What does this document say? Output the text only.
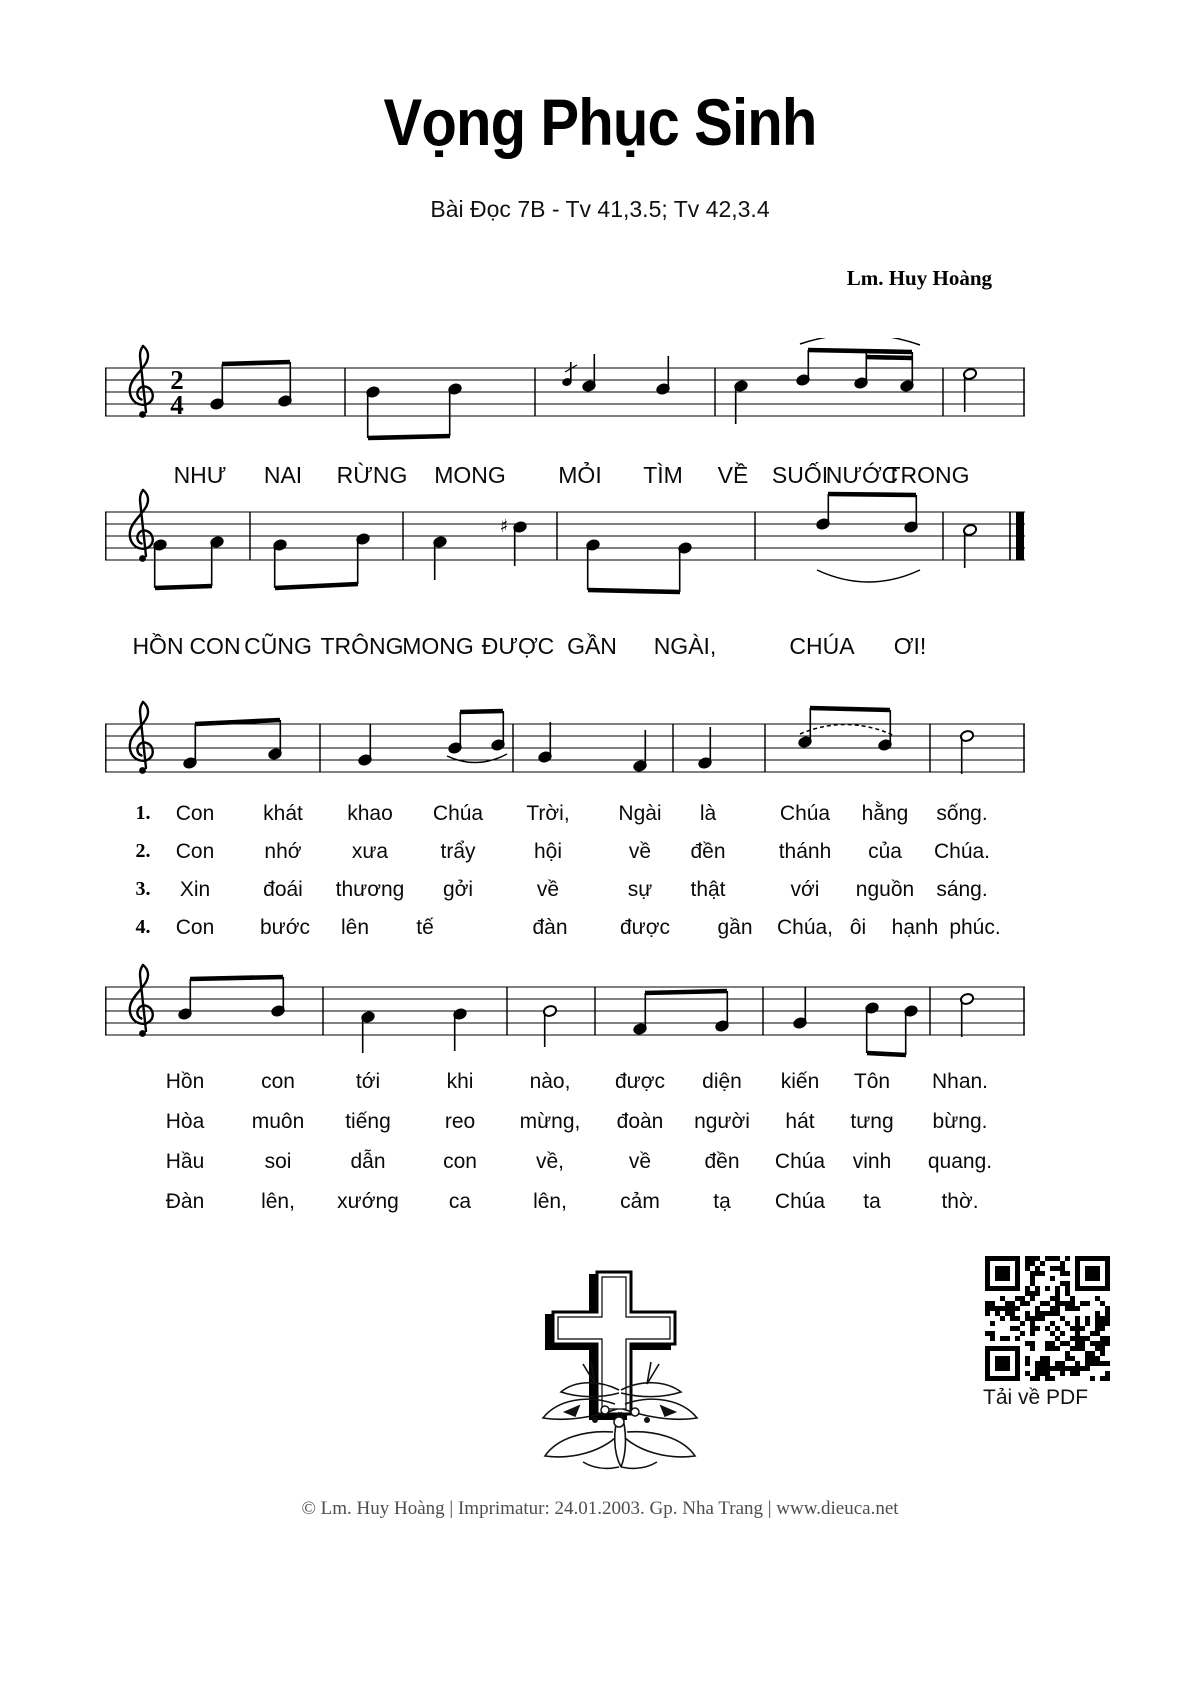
Vọng Phục Sinh
Bài Đọc 7B - Tv 41,3.5; Tv 42,3.4
Lm. Huy Hoàng
Tải về PDF
© Lm. Huy Hoàng | Imprimatur: 24.01.2003. Gp. Nha Trang | www.dieuca.net
2
4
♯
NHƯ NAI RỪNG MONG MỎI TÌM VỀ SUỐI
NƯỚC
TRONG
HỒN CON CŨNG TRÔNG
MONG ĐƯỢC GẦN NGÀI,	CHÚA ƠI!
1. Con khát khao Chúa Trời, Ngài là	Chúa hằng sống.
2. Con nhớ xưa trẩy	hội	về đền	thánh của Chúa.
3. Xin	đoái thương gởi	về	sự thật	với nguồn sáng.
4. Con bước lên tế	đàn được gần Chúa, ôi hạnh phúc.
Hồn	con	tới	khi	nào, được diện kiến Tôn Nhan.
Hòa muôn tiếng	reo mừng, đoàn người hát tưng bừng.
Hầu	soi	dẫn	con	về,	về	đền Chúa vinh quang.
Đàn	lên, xướng ca	lên,	cảm	tạ Chúa ta	thờ.
